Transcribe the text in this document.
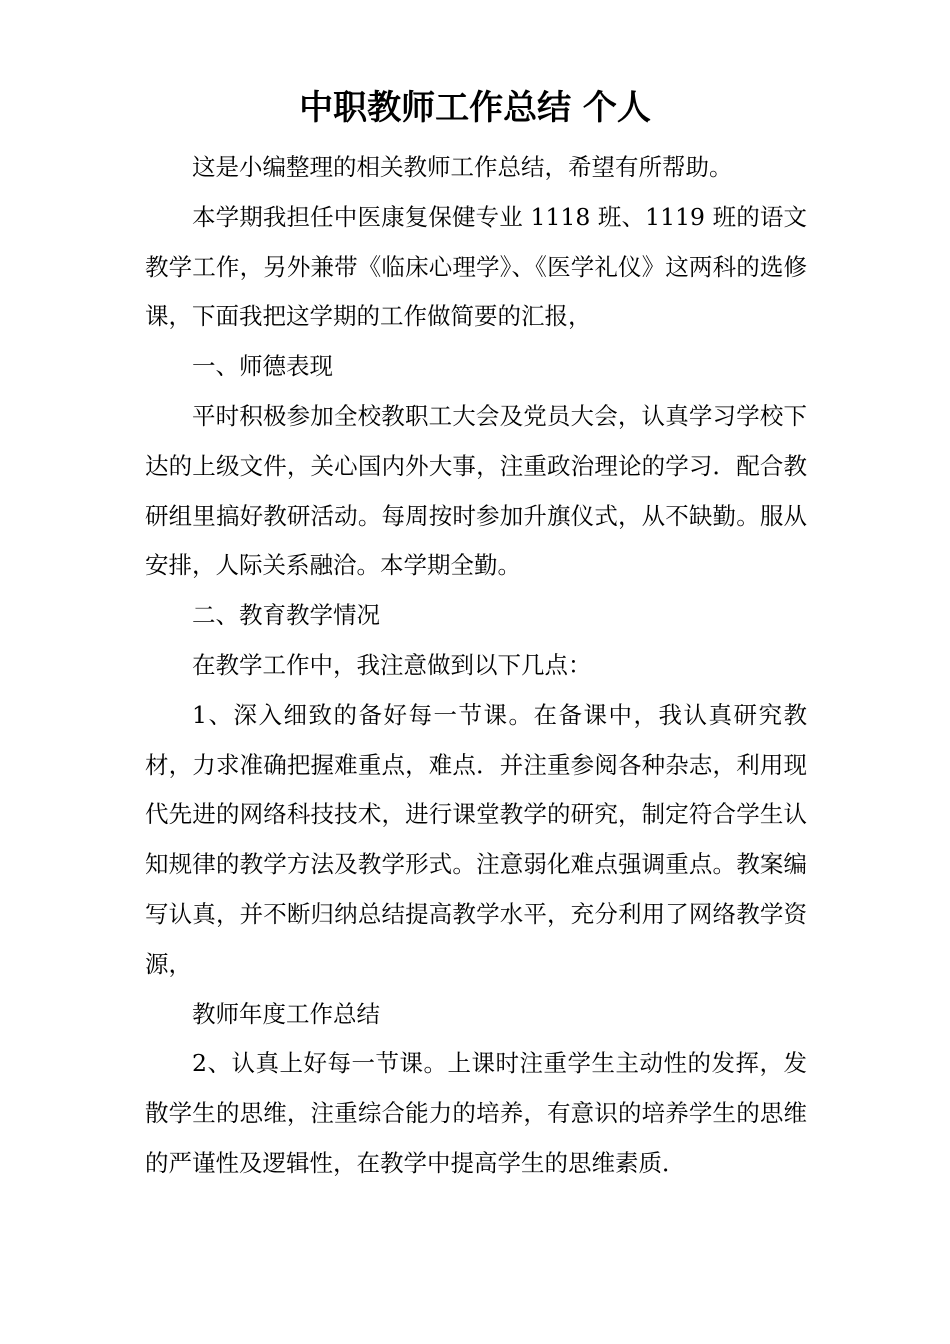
中职教师工作总结 个人

这是小编整理的相关教师工作总结，希望有所帮助。

本学期我担任中医康复保健专业 1118 班、1119 班的语文教学工作，另外兼带《临床心理学》、《医学礼仪》这两科的选修课，下面我把这学期的工作做简要的汇报，

一、师德表现

平时积极参加全校教职工大会及党员大会，认真学习学校下达的上级文件，关心国内外大事，注重政治理论的学习．配合教研组里搞好教研活动。每周按时参加升旗仪式，从不缺勤。服从安排，人际关系融洽。本学期全勤。

二、教育教学情况

在教学工作中，我注意做到以下几点：

1、深入细致的备好每一节课。在备课中，我认真研究教材，力求准确把握难重点，难点．并注重参阅各种杂志，利用现代先进的网络科技技术，进行课堂教学的研究，制定符合学生认知规律的教学方法及教学形式。注意弱化难点强调重点。教案编写认真，并不断归纳总结提高教学水平，充分利用了网络教学资源，

教师年度工作总结

2、认真上好每一节课。上课时注重学生主动性的发挥，发散学生的思维，注重综合能力的培养，有意识的培养学生的思维的严谨性及逻辑性，在教学中提高学生的思维素质．
